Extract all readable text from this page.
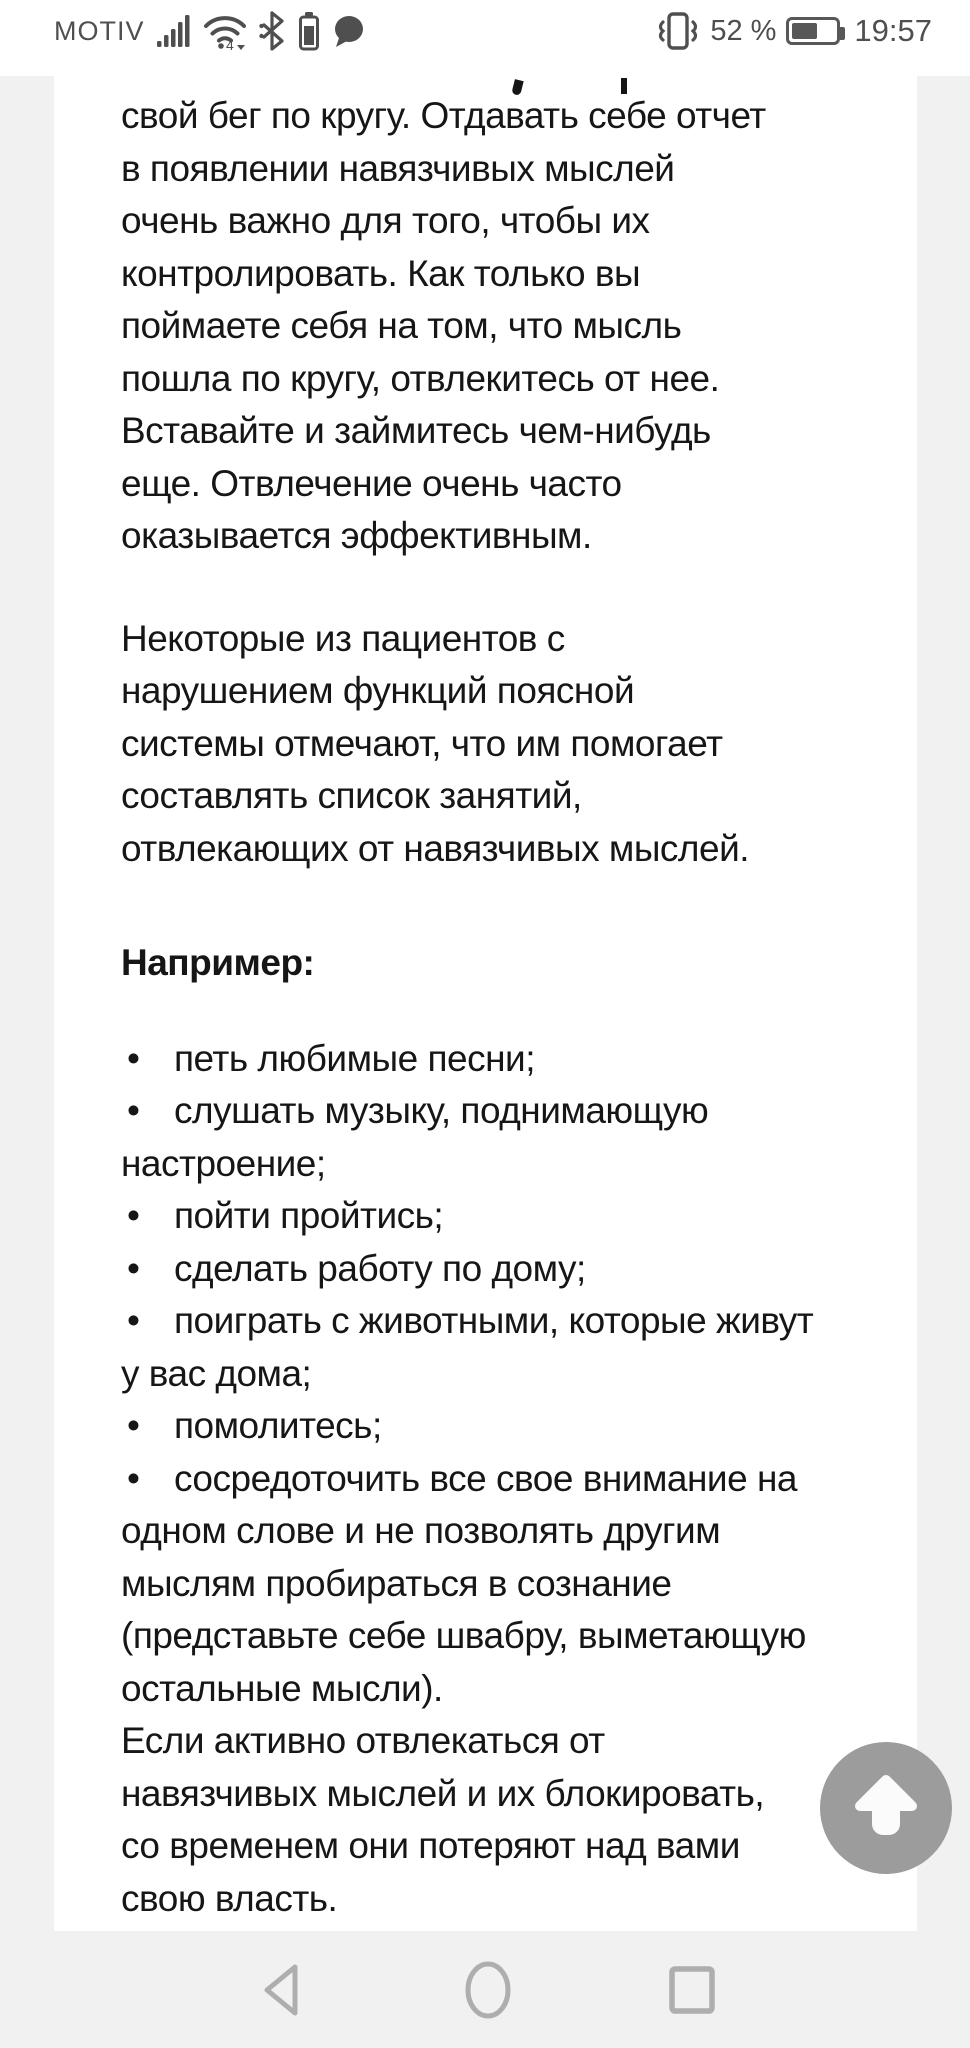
MOTIV	4	52 %	19:57
свой бег по кругу. Отдавать себе отчет
в появлении навязчивых мыслей
очень важно для того, чтобы их
контролировать. Как только вы
поймаете себя на том, что мысль
пошла по кругу, отвлекитесь от нее.
Вставайте и займитесь чем-нибудь
еще. Отвлечение очень часто
оказывается эффективным.
Некоторые из пациентов с
нарушением функций поясной
системы отмечают, что им помогает
составлять список занятий,
отвлекающих от навязчивых мыслей.
Например:
• петь любимые песни;
• слушать музыку, поднимающую
настроение;
• пойти пройтись;
• сделать работу по дому;
• поиграть с животными, которые живут
у вас дома;
• помолитесь;
• сосредоточить все свое внимание на
одном слове и не позволять другим
мыслям пробираться в сознание
(представьте себе швабру, выметающую
остальные мысли).
Если активно отвлекаться от
навязчивых мыслей и их блокировать,
со временем они потеряют над вами
свою власть.
